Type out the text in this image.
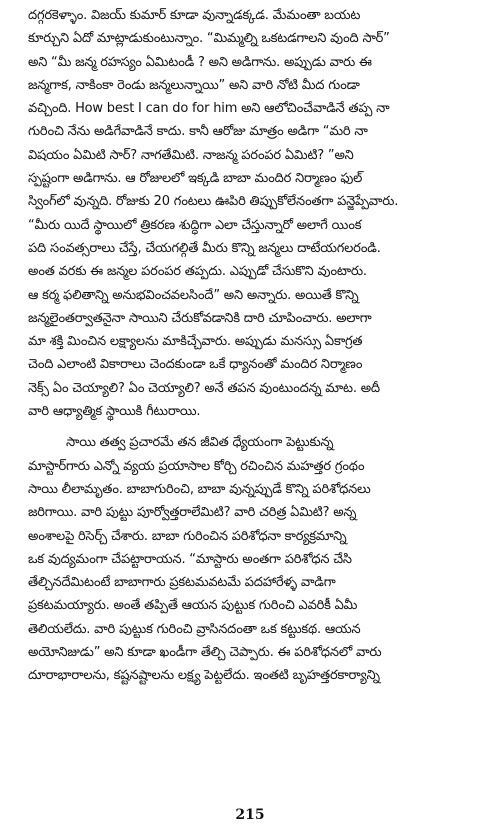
దగ్గరకెళ్ళాం. విజయ్ కుమార్ కూడా వున్నాడక్కడ. మేమంతా బయట
కూర్చుని ఏదో మాట్లాడుకుంటున్నాం. “మిమ్మల్ని ఒకటడగాలని వుంది సార్”
అని “మీ జన్మ రహస్యం ఏమిటండీ ? అని అడిగాను. అప్పుడు వారు ఈ
జన్మగాక, నాకింకా రెండు జన్మలున్నాయి” అని వారి నోటి మీద గుండా
వచ్చింది. How best I can do for him అని ఆలోచించేవాడినే తప్ప నా
గురించి నేను అడిగేవాడినే కాదు. కానీ ఆరోజు మాత్రం అడిగా “మరి నా
విషయం ఏమిటి సార్? నాగతేమిటి. నాజన్మ పరంపర ఏమిటి? ”అని
స్పష్టంగా అడిగాను. ఆ రోజులలో ఇక్కడి బాబా మందిర నిర్మాణం ఫుల్
స్వింగ్‌లో వున్నది. రోజుకు 20 గంటలు ఊపిరి తిప్పుకోలేనంతగా పన్జెప్పేవారు.
“మీరు యిదే స్థాయిలో త్రికరణ శుద్ధిగా ఎలా చేస్తున్నారో అలాగే యింక
పది సంవత్సరాలు చేస్తే, చేయగల్గితే మీరు కొన్ని జన్మలు దాటేయగలరండి.
అంత వరకు ఈ జన్మల పరంపర తప్పదు. ఎప్పుడో చేసుకొని వుంటారు.
ఆ కర్మ ఫలితాన్ని అనుభవించవలసిందే” అని అన్నారు. అయితే కొన్ని
జన్మలైంతర్వాతనైనా సాయిని చేరుకోవడానికి దారి చూపించారు. అలాగా
మా శక్తి మించిన లక్ష్యాలను మాకిచ్చేవారు. అప్పుడు మనస్సు ఏకాగ్రత
చెంది ఎలాంటి వికారాలు చెందకుండా ఒకే ధ్యానంతో మందిర నిర్మాణం
నెక్స్ ఏం చెయ్యాలి? ఏం చెయ్యాలి? అనే తపన వుంటుందన్న మాట. అదీ
వారి ఆధ్యాత్మిక స్థాయికి గీటురాయి.
సాయి తత్వ ప్రచారమే తన జీవిత ధ్యేయంగా పెట్టుకున్న
మాస్టార్‌గారు ఎన్నో వ్యయ ప్రయాసాల కోర్చి రచించిన మహత్తర గ్రంథం
సాయి లీలామృతం. బాబాగురించి, బాబా వున్నప్పుడే కొన్ని పరిశోధనలు
జరిగాయి. వారి పుట్టు పూర్వోత్తరాలేమిటి? వారి చరిత్ర ఏమిటి? అన్న
అంశాలపై రిసెర్చ్ చేశారు. బాబా గురించిన పరిశోధనా కార్యక్రమాన్ని
ఒక వుద్యమంగా చేపట్టారాయన. “మాస్టారు అంతగా పరిశోధన చేసి
తేల్చినదేమిటంటే బాబాగారు ప్రకటమవటమే పదహారేళ్ళ వాడిగా
ప్రకటమయ్యారు. అంతే తప్పితే ఆయన పుట్టుక గురించి ఎవరికీ ఏమీ
తెలియలేదు. వారి పుట్టుక గురించి వ్రాసినదంతా ఒక కట్టుకథ. ఆయన
అయోనిజుడు” అని కూడా ఖండీగా తేల్చి చెప్పారు. ఈ పరిశోధనలో వారు
దూరాభారాలను, కష్టనష్టాలను లక్ష్య పెట్టలేదు. ఇంతటి బృహత్తరకార్యాన్ని
215
